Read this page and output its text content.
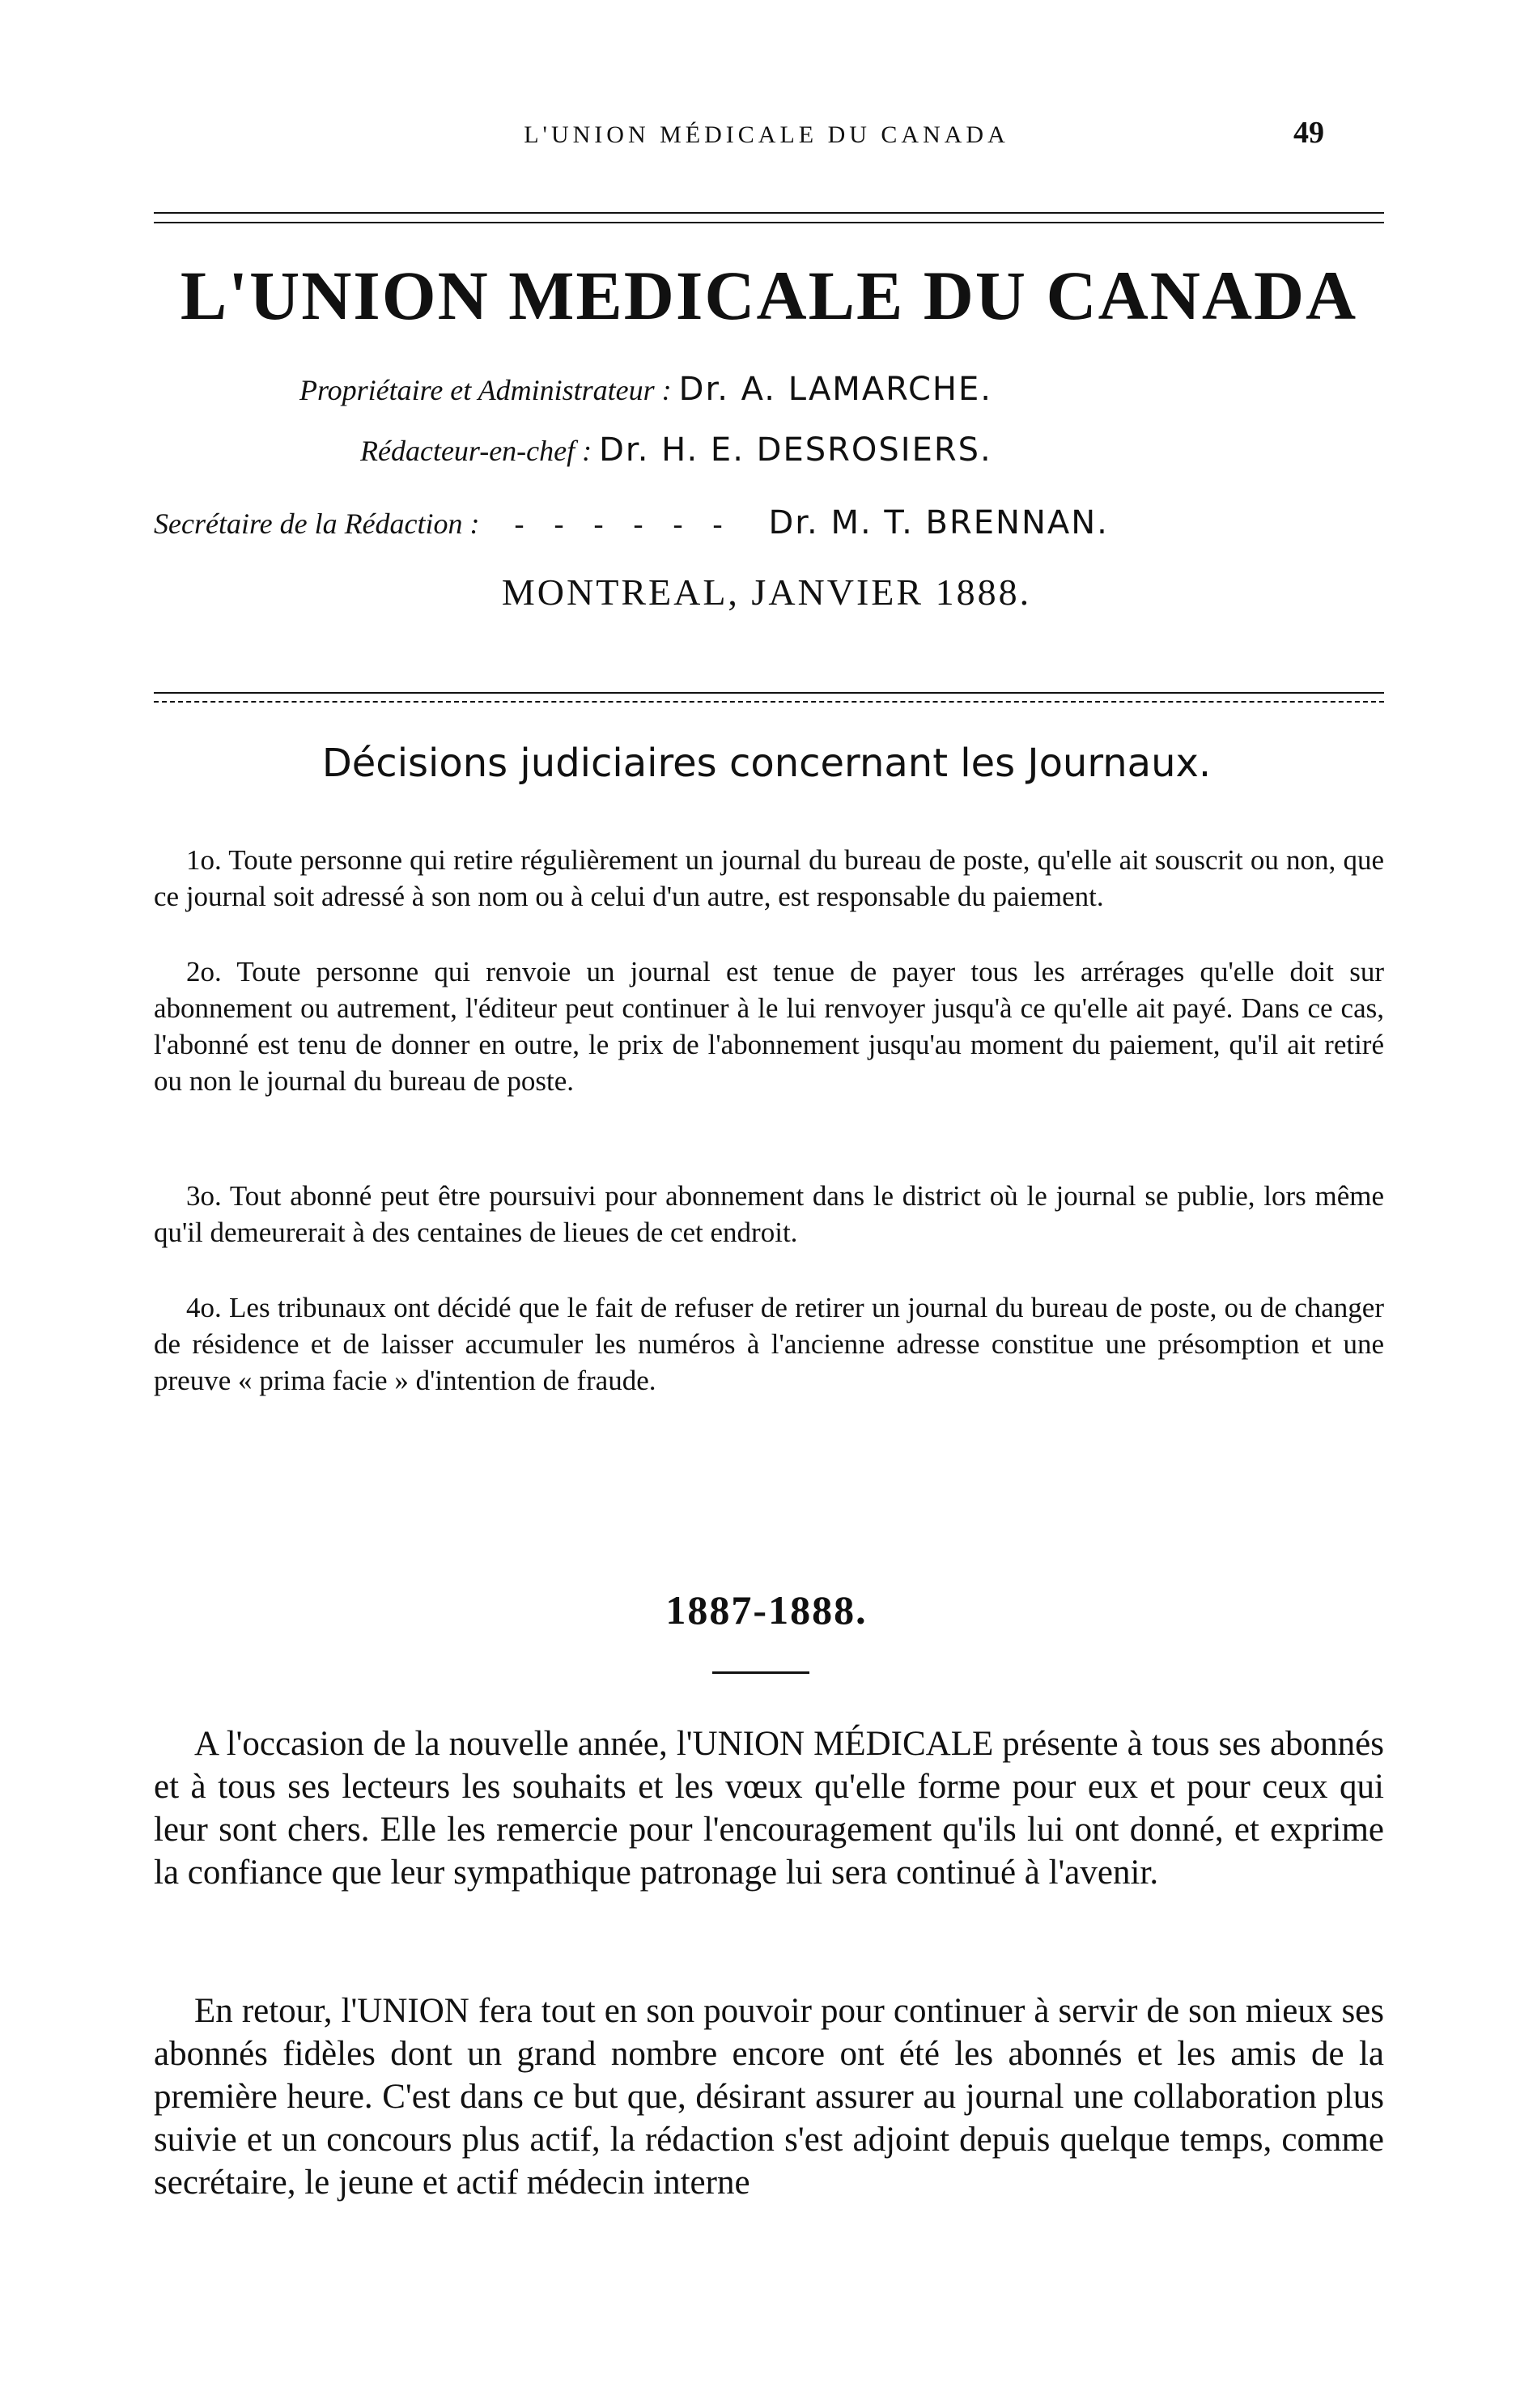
L'UNION MÉDICALE DU CANADA	49
L'UNION MEDICALE DU CANADA
Propriétaire et Administrateur : Dr. A. LAMARCHE.
Rédacteur-en-chef : Dr. H. E. DESROSIERS.
Secrétaire de la Rédaction : - - - - - - Dr. M. T. BRENNAN.
MONTREAL, JANVIER 1888.
Décisions judiciaires concernant les Journaux.

1o. Toute personne qui retire régulièrement un journal du bureau de poste, qu'elle ait souscrit ou non, que ce journal soit adressé à son nom ou à celui d'un autre, est responsable du paiement.

2o. Toute personne qui renvoie un journal est tenue de payer tous les arrérages qu'elle doit sur abonnement ou autrement, l'éditeur peut continuer à le lui renvoyer jusqu'à ce qu'elle ait payé. Dans ce cas, l'abonné est tenu de donner en outre, le prix de l'abonnement jusqu'au moment du paiement, qu'il ait retiré ou non le journal du bureau de poste.

3o. Tout abonné peut être poursuivi pour abonnement dans le district où le journal se publie, lors même qu'il demeurerait à des centaines de lieues de cet endroit.

4o. Les tribunaux ont décidé que le fait de refuser de retirer un journal du bureau de poste, ou de changer de résidence et de laisser accumuler les numéros à l'ancienne adresse constitue une présomption et une preuve « prima facie » d'intention de fraude.

1887-1888.

A l'occasion de la nouvelle année, l'UNION MÉDICALE présente à tous ses abonnés et à tous ses lecteurs les souhaits et les vœux qu'elle forme pour eux et pour ceux qui leur sont chers. Elle les remercie pour l'encouragement qu'ils lui ont donné, et exprime la confiance que leur sympathique patronage lui sera continué à l'avenir.

En retour, l'UNION fera tout en son pouvoir pour continuer à servir de son mieux ses abonnés fidèles dont un grand nombre encore ont été les abonnés et les amis de la première heure. C'est dans ce but que, désirant assurer au journal une collaboration plus suivie et un concours plus actif, la rédaction s'est adjoint depuis quelque temps, comme secrétaire, le jeune et actif médecin interne
